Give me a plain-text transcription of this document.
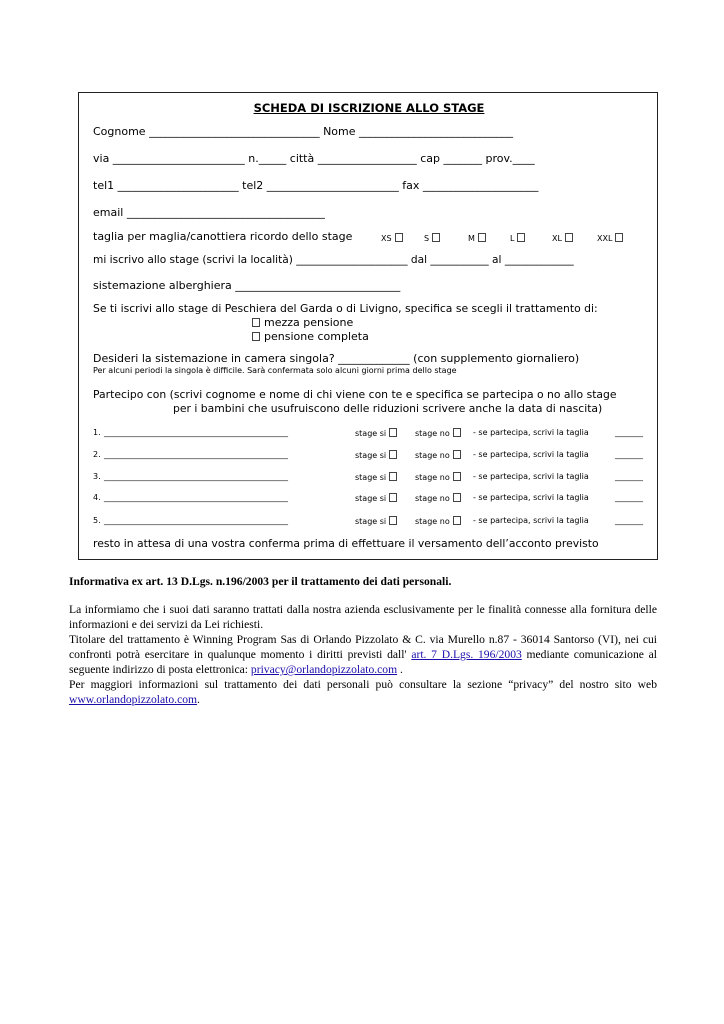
SCHEDA DI ISCRIZIONE ALLO STAGE
Cognome _______________________________ Nome ____________________________
via ________________________ n._____ città __________________ cap _______ prov.____
tel1 ______________________ tel2 ________________________ fax _____________________
email ____________________________________
taglia per maglia/canottiera ricordo dello stage	XS	S	M	L	XL	XXL
mi iscrivo allo stage (scrivi la località) _____________________ dal ___________ al _____________
sistemazione alberghiera ______________________________
Se ti iscrivi allo stage di Peschiera del Garda o di Livigno, specifica se scegli il trattamento di:
mezza pensione
pensione completa
Desideri la sistemazione in camera singola? _____________ (con supplemento giornaliero)
Per alcuni periodi la singola è difficile. Sarà confermata solo alcuni giorni prima dello stage
Partecipo con (scrivi cognome e nome di chi viene con te e specifica se partecipa o no allo stage
per i bambini che usufruiscono delle riduzioni scrivere anche la data di nascita)
1. ______________________________________________	stage si	stage no	- se partecipa, scrivi la taglia	_______
2. ______________________________________________	stage si	stage no	- se partecipa, scrivi la taglia	_______
3. ______________________________________________	stage si	stage no	- se partecipa, scrivi la taglia	_______
4. ______________________________________________	stage si	stage no	- se partecipa, scrivi la taglia	_______
5. ______________________________________________	stage si	stage no	- se partecipa, scrivi la taglia	_______
resto in attesa di una vostra conferma prima di effettuare il versamento dell’acconto previsto

Informativa ex art. 13 D.Lgs. n.196/2003 per il trattamento dei dati personali.

La informiamo che i suoi dati saranno trattati dalla nostra azienda esclusivamente per le finalità connesse alla fornitura delle informazioni e dei servizi da Lei richiesti.

Titolare del trattamento è Winning Program Sas di Orlando Pizzolato & C. via Murello n.87 - 36014 Santorso (VI), nei cui confronti potrà esercitare in qualunque momento i diritti previsti dall' art. 7 D.Lgs. 196/2003 mediante comunicazione al seguente indirizzo di posta elettronica: privacy@orlandopizzolato.com .

Per maggiori informazioni sul trattamento dei dati personali può consultare la sezione “privacy” del nostro sito web www.orlandopizzolato.com.
